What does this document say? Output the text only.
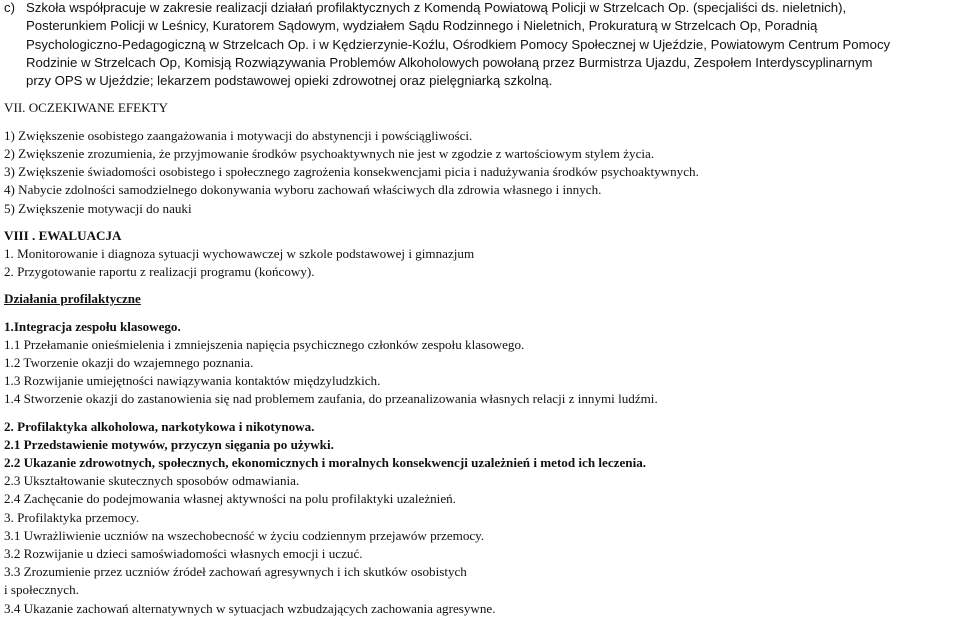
c) Szkoła współpracuje w zakresie realizacji działań profilaktycznych z Komendą Powiatową Policji w Strzelcach Op. (specjaliści ds. nieletnich),
Posterunkiem Policji w Leśnicy, Kuratorem Sądowym, wydziałem Sądu Rodzinnego i Nieletnich, Prokuraturą w Strzelcach Op, Poradnią
Psychologiczno-Pedagogiczną w Strzelcach Op. i w Kędzierzynie-Koźlu, Ośrodkiem Pomocy Społecznej w Ujeździe, Powiatowym Centrum Pomocy
Rodzinie w Strzelcach Op, Komisją Rozwiązywania Problemów Alkoholowych powołaną przez Burmistrza Ujazdu, Zespołem Interdyscyplinarnym
przy OPS w Ujeździe; lekarzem podstawowej opieki zdrowotnej oraz pielęgniarką szkolną.
VII. OCZEKIWANE EFEKTY
1) Zwiększenie osobistego zaangażowania i motywacji do abstynencji i powściągliwości.
2) Zwiększenie zrozumienia, że przyjmowanie środków psychoaktywnych nie jest w zgodzie z wartościowym stylem życia.
3) Zwiększenie świadomości osobistego i społecznego zagrożenia konsekwencjami picia i nadużywania środków psychoaktywnych.
4) Nabycie zdolności samodzielnego dokonywania wyboru zachowań właściwych dla zdrowia własnego i innych.
5) Zwiększenie motywacji do nauki
VIII . EWALUACJA
1. Monitorowanie i diagnoza sytuacji wychowawczej w szkole podstawowej i gimnazjum
2. Przygotowanie raportu z realizacji programu (końcowy).
Działania profilaktyczne
1.Integracja zespołu klasowego.
1.1 Przełamanie onieśmielenia i zmniejszenia napięcia psychicznego członków zespołu klasowego.
1.2 Tworzenie okazji do wzajemnego poznania.
1.3 Rozwijanie umiejętności nawiązywania kontaktów międzyludzkich.
1.4 Stworzenie okazji do zastanowienia się nad problemem zaufania, do przeanalizowania własnych relacji z innymi ludźmi.
2. Profilaktyka alkoholowa, narkotykowa i nikotynowa.
2.1 Przedstawienie motywów, przyczyn sięgania po używki.
2.2 Ukazanie zdrowotnych, społecznych, ekonomicznych i moralnych konsekwencji uzależnień i metod ich leczenia.
2.3 Ukształtowanie skutecznych sposobów odmawiania.
2.4 Zachęcanie do podejmowania własnej aktywności na polu profilaktyki uzależnień.
3. Profilaktyka przemocy.
3.1 Uwrażliwienie uczniów na wszechobecność w życiu codziennym przejawów przemocy.
3.2 Rozwijanie u dzieci samoświadomości własnych emocji i uczuć.
3.3 Zrozumienie przez uczniów źródeł zachowań agresywnych i ich skutków osobistych
i społecznych.
3.4 Ukazanie zachowań alternatywnych w sytuacjach wzbudzających zachowania agresywne.
